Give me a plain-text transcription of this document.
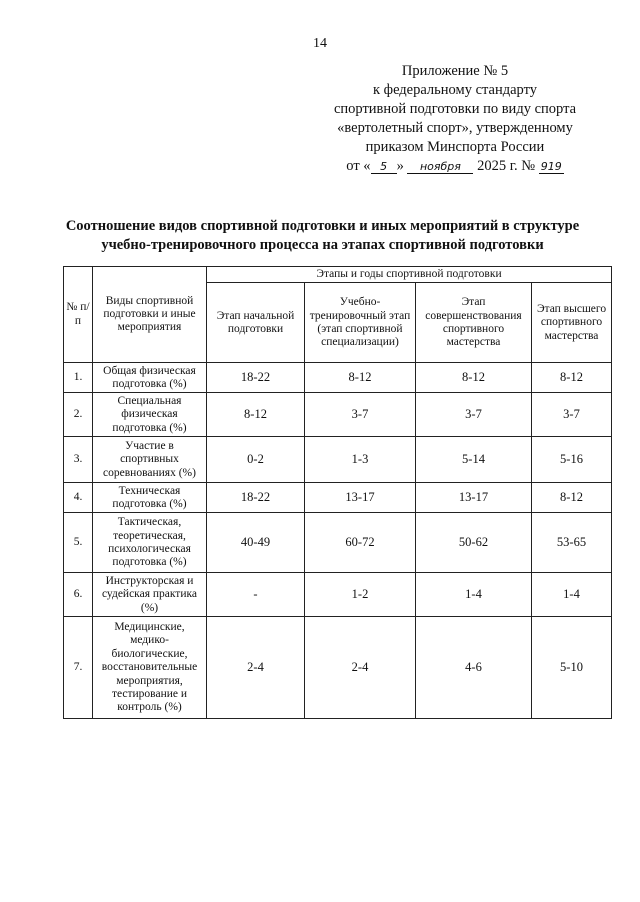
14
Приложение № 5
к федеральному стандарту
спортивной подготовки по виду спорта
«вертолетный спорт», утвержденному
приказом Минспорта России
от « 5 » ноября 2025 г. № 919
Соотношение видов спортивной подготовки и иных мероприятий в структуре
учебно-тренировочного процесса на этапах спортивной подготовки
№ п/п	Виды спортивной подготовки и иные мероприятия	Этапы и годы спортивной подготовки			
		Этап начальной подготовки	Учебно-тренировочный этап (этап спортивной специализации)	Этап совершенствования спортивного мастерства	Этап высшего спортивного мастерства
1.	Общая физическая подготовка (%)	18-22	8-12	8-12	8-12
2.	Специальная физическая подготовка (%)	8-12	3-7	3-7	3-7
3.	Участие в спортивных соревнованиях (%)	0-2	1-3	5-14	5-16
4.	Техническая подготовка (%)	18-22	13-17	13-17	8-12
5.	Тактическая, теоретическая, психологическая подготовка (%)	40-49	60-72	50-62	53-65
6.	Инструкторская и судейская практика (%)	-	1-2	1-4	1-4
7.	Медицинские, медико-биологические, восстановительные мероприятия, тестирование и контроль (%)	2-4	2-4	4-6	5-10
